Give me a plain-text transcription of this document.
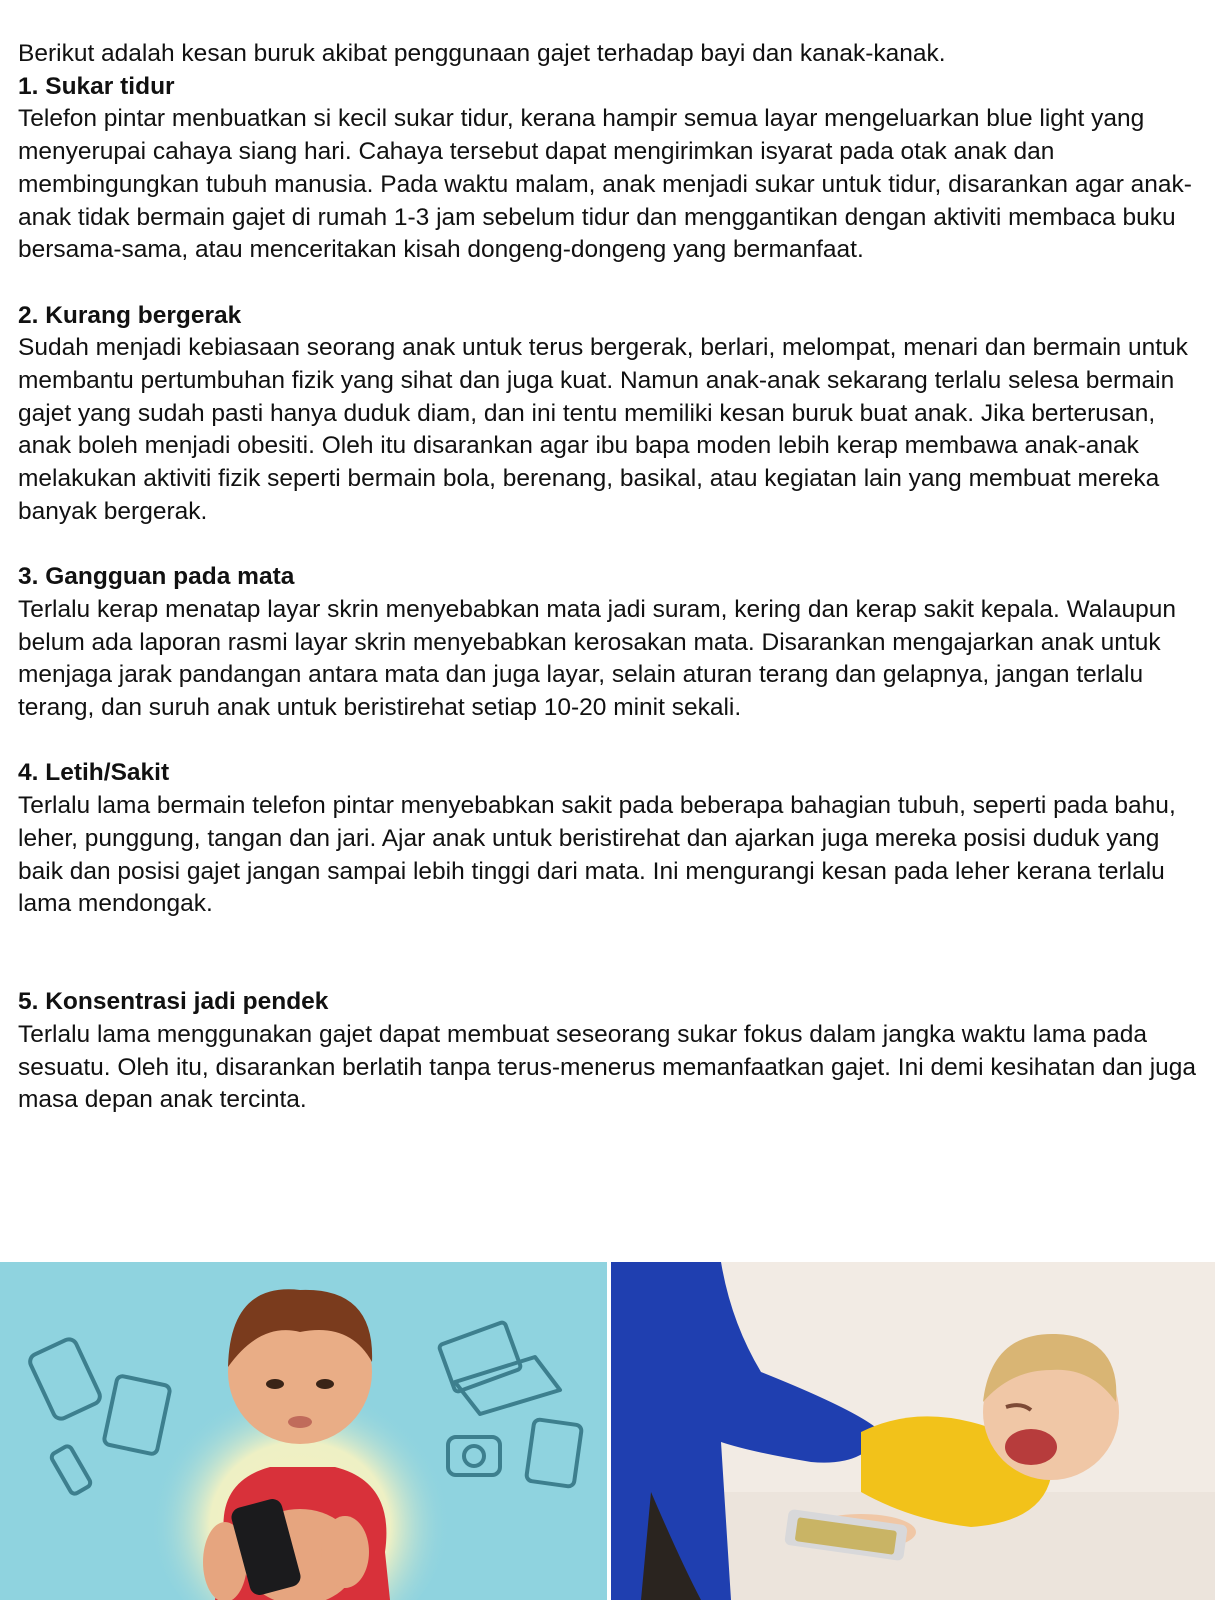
Berikut adalah kesan buruk akibat penggunaan gajet terhadap bayi dan kanak-kanak.

1. Sukar tidur

Telefon pintar menbuatkan si kecil sukar tidur, kerana hampir semua layar mengeluarkan blue light yang menyerupai cahaya siang hari. Cahaya tersebut dapat mengirimkan isyarat pada otak anak dan membingungkan tubuh manusia. Pada waktu malam, anak menjadi sukar untuk tidur, disarankan agar anak-anak tidak bermain gajet di rumah 1-3 jam sebelum tidur dan menggantikan dengan aktiviti membaca buku bersama-sama, atau menceritakan kisah dongeng-dongeng yang bermanfaat.

2. Kurang bergerak

Sudah menjadi kebiasaan seorang anak untuk terus bergerak, berlari, melompat, menari dan bermain untuk membantu pertumbuhan fizik yang sihat dan juga kuat. Namun anak-anak sekarang terlalu selesa bermain gajet yang sudah pasti hanya duduk diam, dan ini tentu memiliki kesan buruk buat anak. Jika berterusan, anak boleh menjadi obesiti. Oleh itu disarankan agar ibu bapa moden lebih kerap membawa anak-anak melakukan aktiviti fizik seperti bermain bola, berenang, basikal, atau kegiatan lain yang membuat mereka banyak bergerak.

3. Gangguan pada mata

Terlalu kerap menatap layar skrin menyebabkan mata jadi suram, kering dan kerap sakit kepala. Walaupun belum ada laporan rasmi layar skrin menyebabkan kerosakan mata. Disarankan mengajarkan anak untuk menjaga jarak pandangan antara mata dan juga layar, selain aturan terang dan gelapnya, jangan terlalu terang, dan suruh anak untuk beristirehat setiap 10-20 minit sekali.

4. Letih/Sakit

Terlalu lama bermain telefon pintar menyebabkan sakit pada beberapa bahagian tubuh, seperti pada bahu, leher, punggung, tangan dan jari. Ajar anak untuk beristirehat dan ajarkan juga mereka posisi duduk yang baik dan posisi gajet jangan sampai lebih tinggi dari mata. Ini mengurangi kesan pada leher kerana terlalu lama mendongak.

5. Konsentrasi jadi pendek

Terlalu lama menggunakan gajet dapat membuat seseorang sukar fokus dalam jangka waktu lama pada sesuatu. Oleh itu, disarankan berlatih tanpa terus-menerus memanfaatkan gajet. Ini demi kesihatan dan juga masa depan anak tercinta.
